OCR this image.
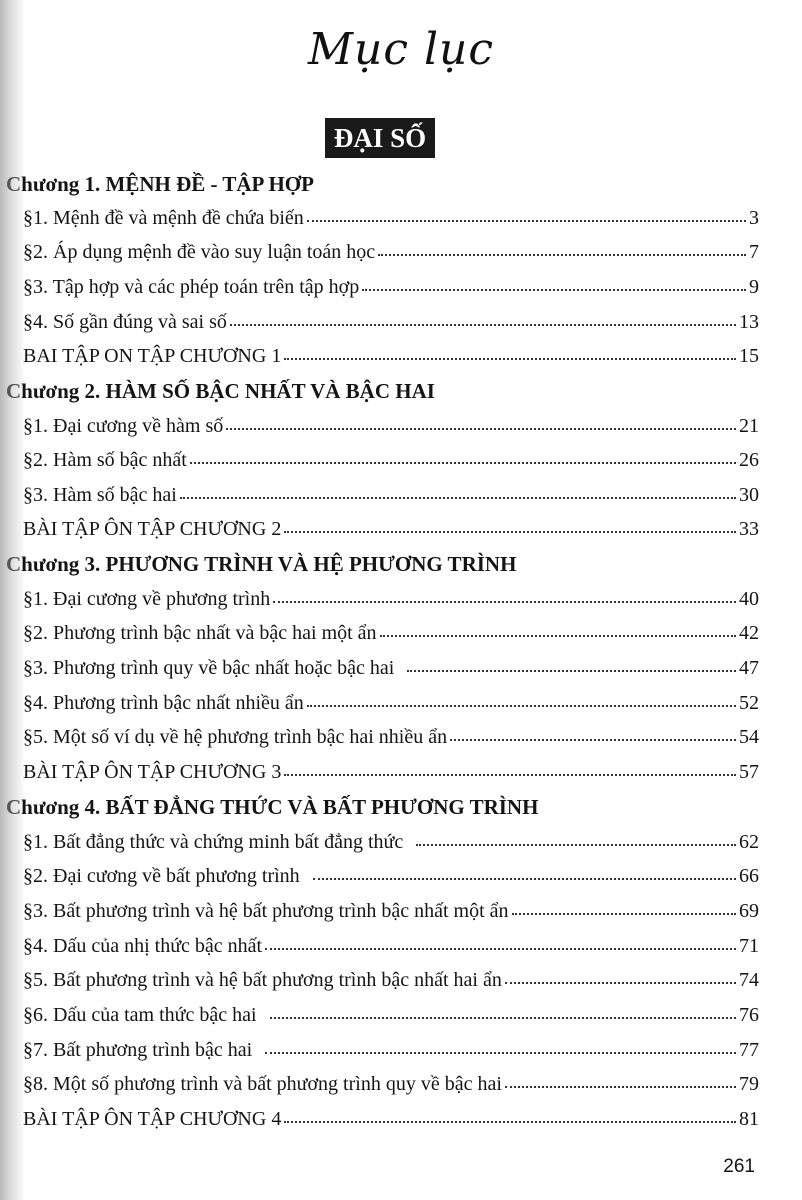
Mục lục
ĐẠI SỐ
Chương 1. MỆNH ĐỀ - TẬP HỢP
§1. Mệnh đề và mệnh đề chứa biến	3
§2. Áp dụng mệnh đề vào suy luận toán học	7
§3. Tập hợp và các phép toán trên tập hợp	9
§4. Số gần đúng và sai số	13
BAI TẬP ON TẬP CHƯƠNG 1	15
Chương 2. HÀM SỐ BẬC NHẤT VÀ BẬC HAI
§1. Đại cương về hàm số	21
§2. Hàm số bậc nhất	26
§3. Hàm số bậc hai	30
BÀI TẬP ÔN TẬP CHƯƠNG 2	33
Chương 3. PHƯƠNG TRÌNH VÀ HỆ PHƯƠNG TRÌNH
§1. Đại cương về phương trình	40
§2. Phương trình bậc nhất và bậc hai một ẩn	42
§3. Phương trình quy về bậc nhất hoặc bậc hai	47
§4. Phương trình bậc nhất nhiều ẩn	52
§5. Một số ví dụ về hệ phương trình bậc hai nhiều ẩn	54
BÀI TẬP ÔN TẬP CHƯƠNG 3	57
Chương 4. BẤT ĐẲNG THỨC VÀ BẤT PHƯƠNG TRÌNH
§1. Bất đẳng thức và chứng minh bất đẳng thức	62
§2. Đại cương về bất phương trình	66
§3. Bất phương trình và hệ bất phương trình bậc nhất một ẩn	69
§4. Dấu của nhị thức bậc nhất	71
§5. Bất phương trình và hệ bất phương trình bậc nhất hai ẩn	74
§6. Dấu của tam thức bậc hai	76
§7. Bất phương trình bậc hai	77
§8. Một số phương trình và bất phương trình quy về bậc hai	79
BÀI TẬP ÔN TẬP CHƯƠNG 4	81
261
